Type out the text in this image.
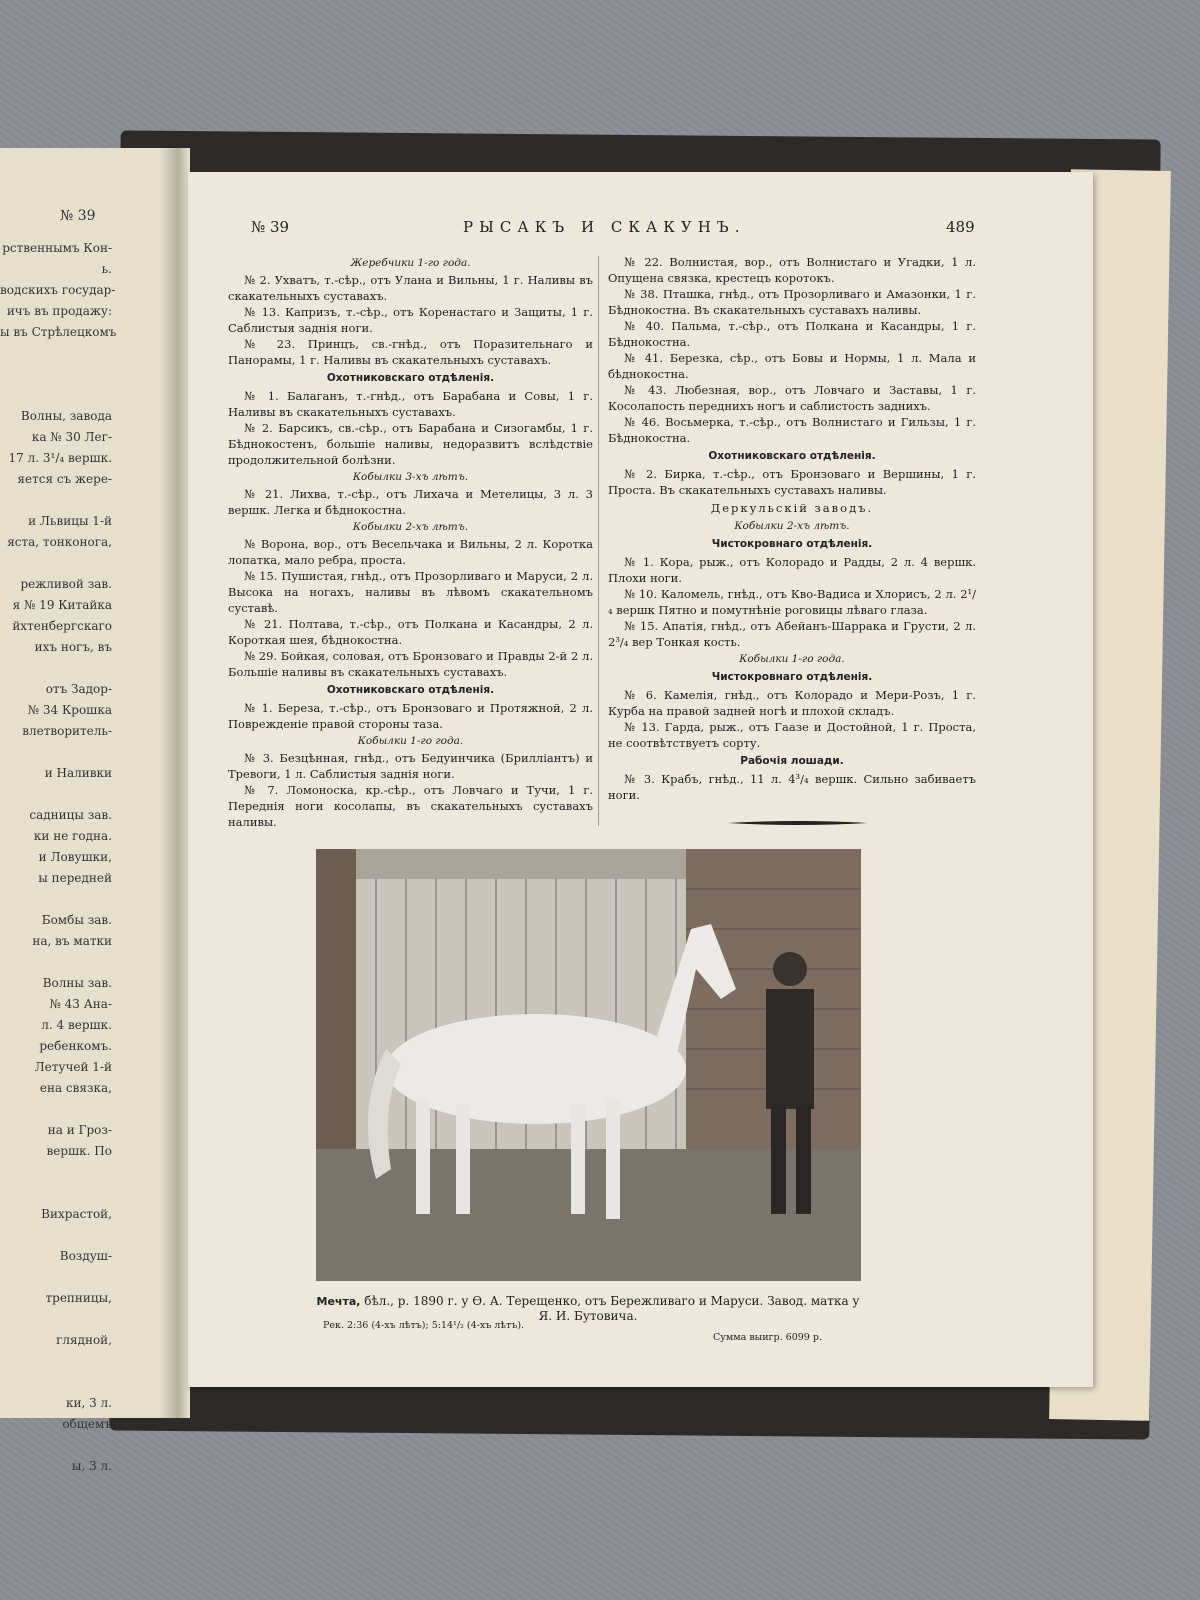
№ 39
рственнымъ Кон-
ь.
водскихъ государ-
ичъ въ продажу:
ы въ Стрѣлецкомъ
Волны, завода
ка № 30 Лег-
17 л. 3¹/₄ вершк.
яется съ жере-
и Львицы 1-й
яста, тонконога,
режливой зав.
я № 19 Китайка
йхтенбергскаго
ихъ ногъ, въ
отъ Задор-
№ 34 Крошка
влетворитель-
и Наливки
садницы зав.
ки не годна.
и Ловушки,
ы передней
Бомбы зав.
на, въ матки
Волны зав.
№ 43 Ана-
л. 4 вершк.
ребенкомъ.
Летучей 1-й
ена связка,
на и Гроз-
вершк. По
Вихрастой,
Воздуш-
трепницы,
глядной,
ки, 3 л.
общемъ
ы, 3 л.
№ 39	РЫСАКЪ И СКАКУНЪ.	489

Жеребчики 1-го года.

№ 2. Ухватъ, т.-сѣр., отъ Улана и Вильны, 1 г. Наливы въ скакательныхъ суставахъ.

№ 13. Капризъ, т.-сѣр., отъ Коренастаго и Защиты, 1 г. Саблистыя заднія ноги.

№ 23. Принцъ, св.-гнѣд., отъ Поразительнаго и Панорамы, 1 г. Наливы въ скакательныхъ суставахъ.

Охотниковскаго отдѣленія.

№ 1. Балаганъ, т.-гнѣд., отъ Барабана и Совы, 1 г. Наливы въ скакательныхъ суставахъ.

№ 2. Барсикъ, св.-сѣр., отъ Барабана и Сизогамбы, 1 г. Бѣднокостенъ, большіе наливы, недоразвитъ вслѣдствіе продолжительной болѣзни.

Кобылки 3-хъ лѣтъ.

№ 21. Лихва, т.-сѣр., отъ Лихача и Метелицы, 3 л. 3 вершк. Легка и бѣднокостна.

Кобылки 2-хъ лѣтъ.

№ Ворона, вор., отъ Весельчака и Вильны, 2 л. Коротка лопатка, мало ребра, проста.

№ 15. Пушистая, гнѣд., отъ Прозорливаго и Маруси, 2 л. Высока на ногахъ, наливы въ лѣвомъ скакательномъ суставѣ.

№ 21. Полтава, т.-сѣр., отъ Полкана и Касандры, 2 л. Короткая шея, бѣднокостна.

№ 29. Бойкая, соловая, отъ Бронзоваго и Правды 2-й 2 л. Большіе наливы въ скакательныхъ суставахъ.

Охотниковскаго отдѣленія.

№ 1. Береза, т.-сѣр., отъ Бронзоваго и Протяжной, 2 л. Поврежденіе правой стороны таза.

Кобылки 1-го года.

№ 3. Безцѣнная, гнѣд., отъ Бедуинчика (Брилліантъ) и Тревоги, 1 л. Саблистыя заднія ноги.

№ 7. Ломоноска, кр.-сѣр., отъ Ловчаго и Тучи, 1 г. Переднія ноги косолапы, въ скакательныхъ суставахъ наливы.

№ 22. Волнистая, вор., отъ Волнистаго и Угадки, 1 л. Опущена связка, крестецъ коротокъ.

№ 38. Пташка, гнѣд., отъ Прозорливаго и Амазонки, 1 г. Бѣднокостна. Въ скакательныхъ суставахъ наливы.

№ 40. Пальма, т.-сѣр., отъ Полкана и Касандры, 1 г. Бѣднокостна.

№ 41. Березка, сѣр., отъ Бовы и Нормы, 1 л. Мала и бѣднокостна.

№ 43. Любезная, вор., отъ Ловчаго и Заставы, 1 г. Косолапость переднихъ ногъ и саблистость заднихъ.

№ 46. Восьмерка, т.-сѣр., отъ Волнистаго и Гильзы, 1 г. Бѣднокостна.

Охотниковскаго отдѣленія.

№ 2. Бирка, т.-сѣр., отъ Бронзоваго и Вершины, 1 г. Проста. Въ скакательныхъ суставахъ наливы.

Деркульскій заводъ.

Кобылки 2-хъ лѣтъ.

Чистокровнаго отдѣленія.

№ 1. Кора, рыж., отъ Колорадо и Радды, 2 л. 4 вершк. Плохи ноги.

№ 10. Каломель, гнѣд., отъ Кво-Вадиса и Хлорисъ, 2 л. 2¹/₄ вершк Пятно и помутнѣніе роговицы лѣваго глаза.

№ 15. Апатія, гнѣд., отъ Абейанъ-Шаррака и Грусти, 2 л. 2³/₄ вер Тонкая кость.

Кобылки 1-го года.

Чистокровнаго отдѣленія.

№ 6. Камелія, гнѣд., отъ Колорадо и Мери-Розъ, 1 г. Курба на правой задней ногѣ и плохой складъ.

№ 13. Гарда, рыж., отъ Гаазе и Достойной, 1 г. Проста, не соотвѣтствуетъ сорту.

Рабочія лошади.

№ 3. Крабъ, гнѣд., 11 л. 4³/₄ вершк. Сильно забиваетъ ноги.

Мечта, бѣл., р. 1890 г. у Ѳ. А. Терещенко, отъ Бережливаго и Маруси. Завод. матка у Я. И. Бутовича.
Рек. 2:36 (4-хъ лѣтъ); 5:14¹/₂ (4-хъ лѣтъ).
Сумма выигр. 6099 р.
